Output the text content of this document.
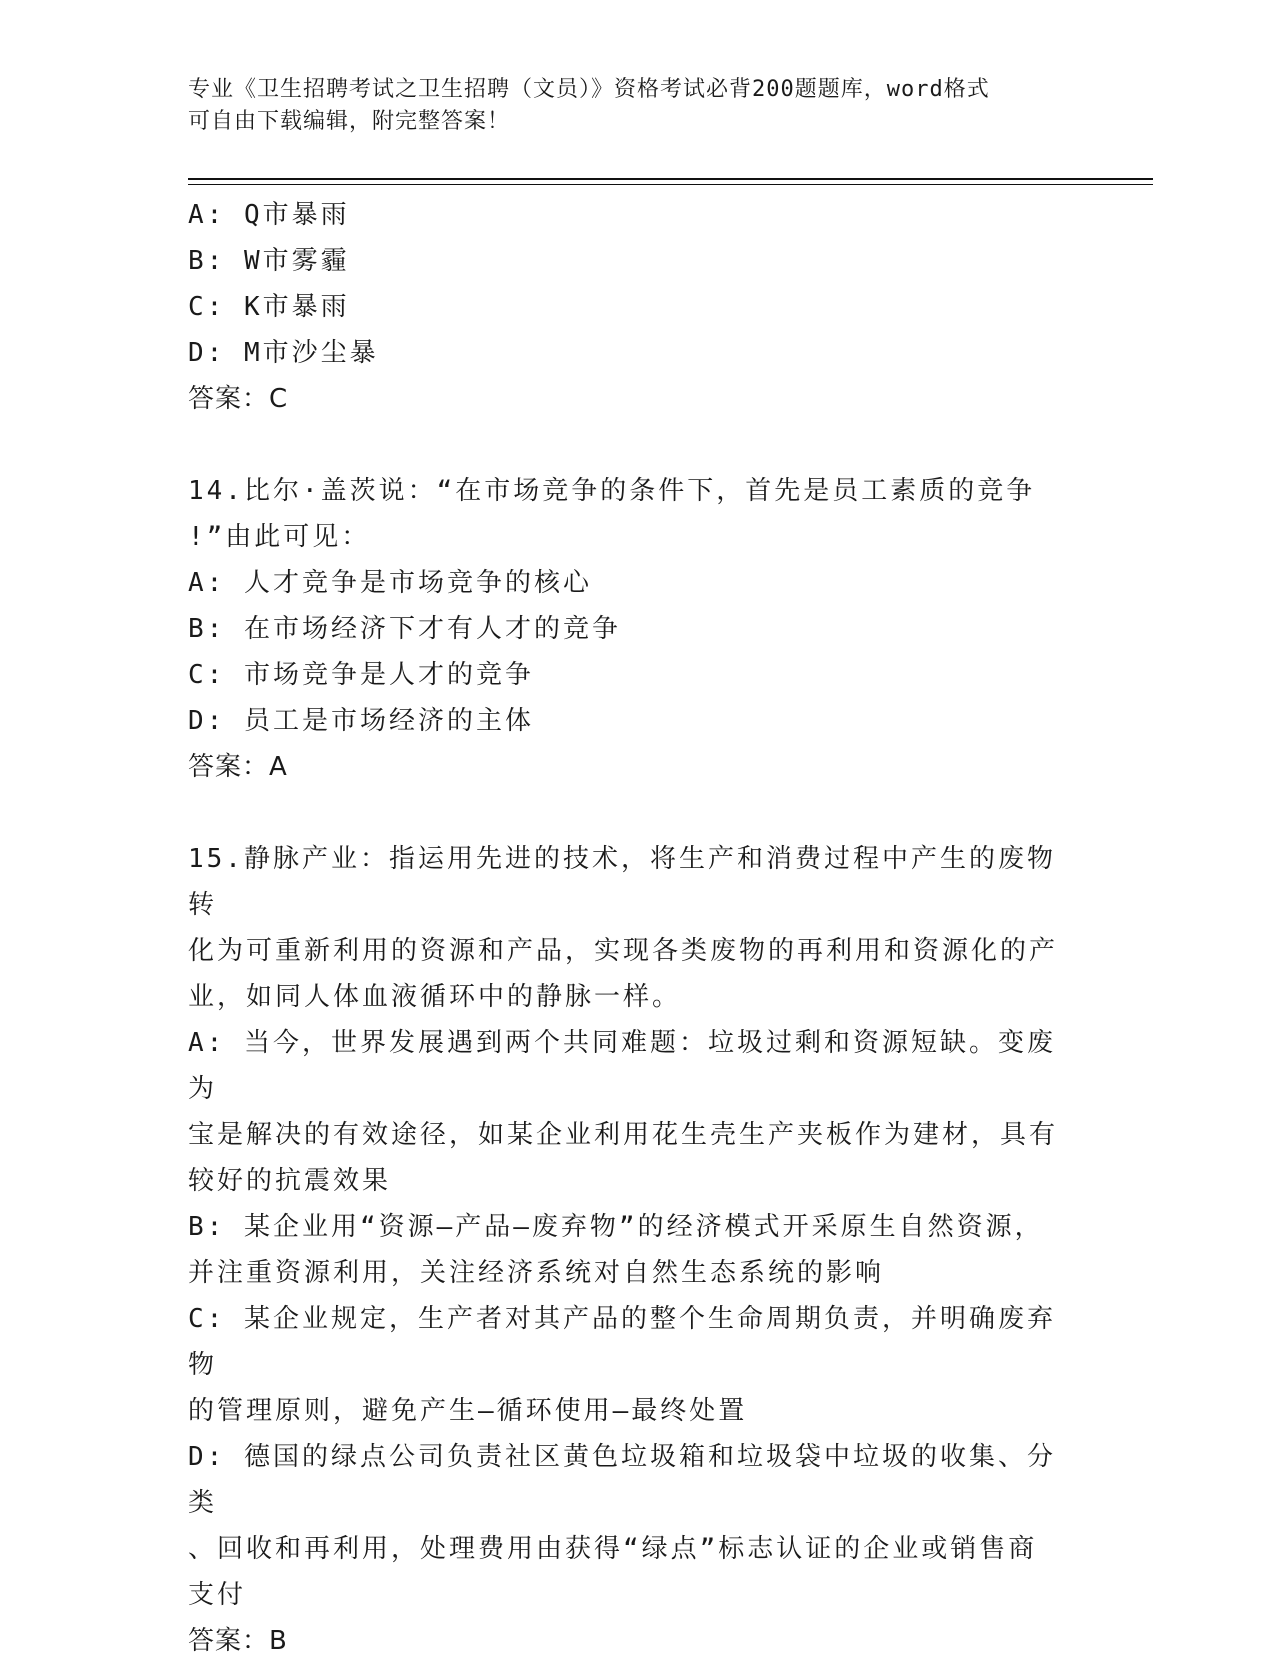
专业《卫生招聘考试之卫生招聘（文员）》资格考试必背200题题库，word格式
可自由下载编辑，附完整答案！
A: Q市暴雨
B: W市雾霾
C: K市暴雨
D: M市沙尘暴
答案：C
14.比尔·盖茨说：“在市场竞争的条件下，首先是员工素质的竞争
!”由此可见：
A: 人才竞争是市场竞争的核心
B: 在市场经济下才有人才的竞争
C: 市场竞争是人才的竞争
D: 员工是市场经济的主体
答案：A
15.静脉产业：指运用先进的技术，将生产和消费过程中产生的废物转
化为可重新利用的资源和产品，实现各类废物的再利用和资源化的产
业，如同人体血液循环中的静脉一样。
A: 当今，世界发展遇到两个共同难题：垃圾过剩和资源短缺。变废为
宝是解决的有效途径，如某企业利用花生壳生产夹板作为建材，具有
较好的抗震效果
B: 某企业用“资源—产品—废弃物”的经济模式开采原生自然资源，
并注重资源利用，关注经济系统对自然生态系统的影响
C: 某企业规定，生产者对其产品的整个生命周期负责，并明确废弃物
的管理原则，避免产生—循环使用—最终处置
D: 德国的绿点公司负责社区黄色垃圾箱和垃圾袋中垃圾的收集、分类
、回收和再利用，处理费用由获得“绿点”标志认证的企业或销售商
支付
答案：B
